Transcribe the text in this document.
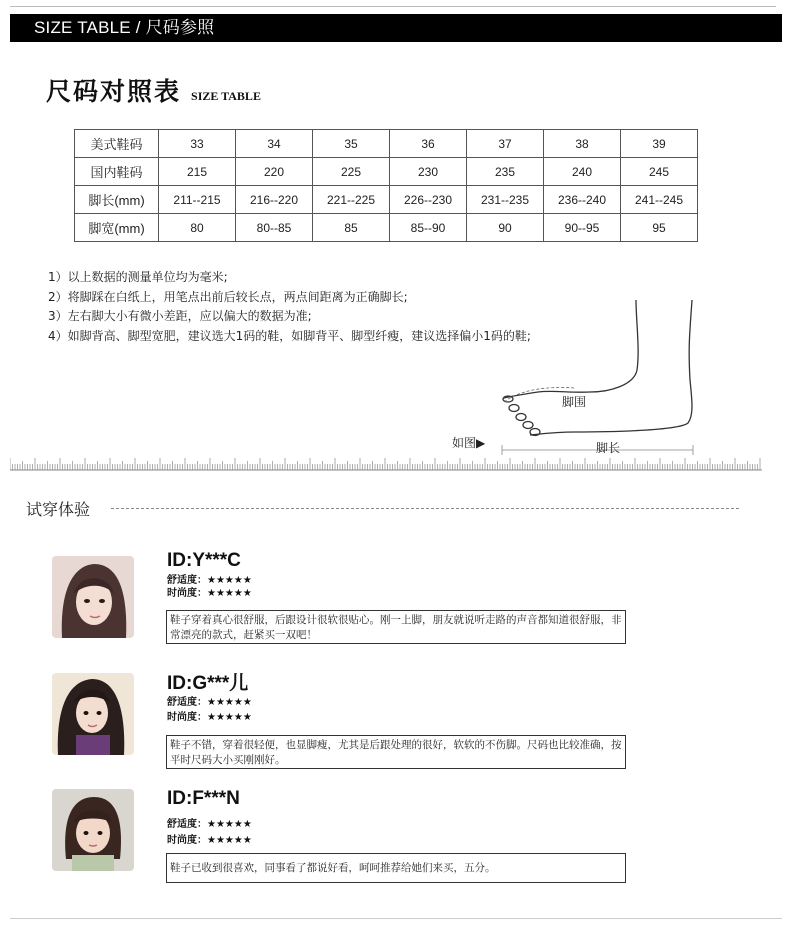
SIZE TABLE / 尺码参照
尺码对照表 SIZE TABLE
美式鞋码	33	34	35	36	37	38	39
国内鞋码	215	220	225	230	235	240	245
脚长(mm)	211--215	216--220	221--225	226--230	231--235	236--240	241--245
脚宽(mm)	80	80--85	85	85--90	90	90--95	95
1）以上数据的测量单位均为毫米;
2）将脚踩在白纸上，用笔点出前后较长点，两点间距离为正确脚长;
3）左右脚大小有微小差距，应以偏大的数据为准;
4）如脚背高、脚型宽肥，建议选大1码的鞋，如脚背平、脚型纤瘦，建议选择偏小1码的鞋;
如图▶
脚围
脚长
试穿体验
ID:Y***C
舒适度：★★★★★
时尚度：★★★★★
鞋子穿着真心很舒服，后跟设计很软很贴心。刚一上脚，朋友就说听走路的声音都知道很舒服，非常漂亮的款式，赶紧买一双吧！
ID:G***儿
舒适度：★★★★★
时尚度：★★★★★
鞋子不错，穿着很轻便，也显脚瘦，尤其是后跟处理的很好，软软的不伤脚。尺码也比较准确，按平时尺码大小买刚刚好。
ID:F***N
舒适度：★★★★★
时尚度：★★★★★
鞋子已收到很喜欢，同事看了都说好看，呵呵推荐给她们来买，五分。
